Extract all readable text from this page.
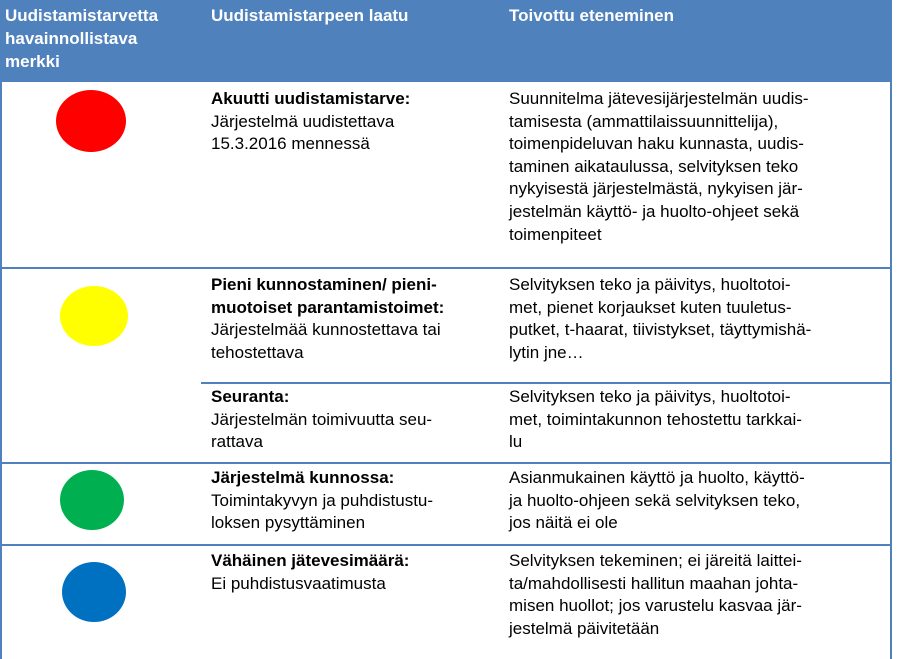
Uudistamistarvetta
havainnollistava
merkki
Uudistamistarpeen laatu	Toivottu eteneminen
Akuutti uudistamistarve:
Järjestelmä uudistettava
15.3.2016 mennessä
Suunnitelma jätevesijärjestelmän uudis-
tamisesta (ammattilaissuunnittelija),
toimenpideluvan haku kunnasta, uudis-
taminen aikataulussa, selvityksen teko
nykyisestä järjestelmästä, nykyisen jär-
jestelmän käyttö- ja huolto-ohjeet sekä
toimenpiteet
Pieni kunnostaminen/ pieni-
muotoiset parantamistoimet:
Järjestelmää kunnostettava tai
tehostettava
Selvityksen teko ja päivitys, huoltotoi-
met, pienet korjaukset kuten tuuletus-
putket, t-haarat, tiivistykset, täyttymishä-
lytin jne…
Seuranta:
Järjestelmän toimivuutta seu-
rattava
Selvityksen teko ja päivitys, huoltotoi-
met, toimintakunnon tehostettu tarkkai-
lu
Järjestelmä kunnossa:
Toimintakyvyn ja puhdistustu-
loksen pysyttäminen
Asianmukainen käyttö ja huolto, käyttö-
ja huolto-ohjeen sekä selvityksen teko,
jos näitä ei ole
Vähäinen jätevesimäärä:
Ei puhdistusvaatimusta
Selvityksen tekeminen; ei järeitä laittei-
ta/mahdollisesti hallitun maahan johta-
misen huollot; jos varustelu kasvaa jär-
jestelmä päivitetään
